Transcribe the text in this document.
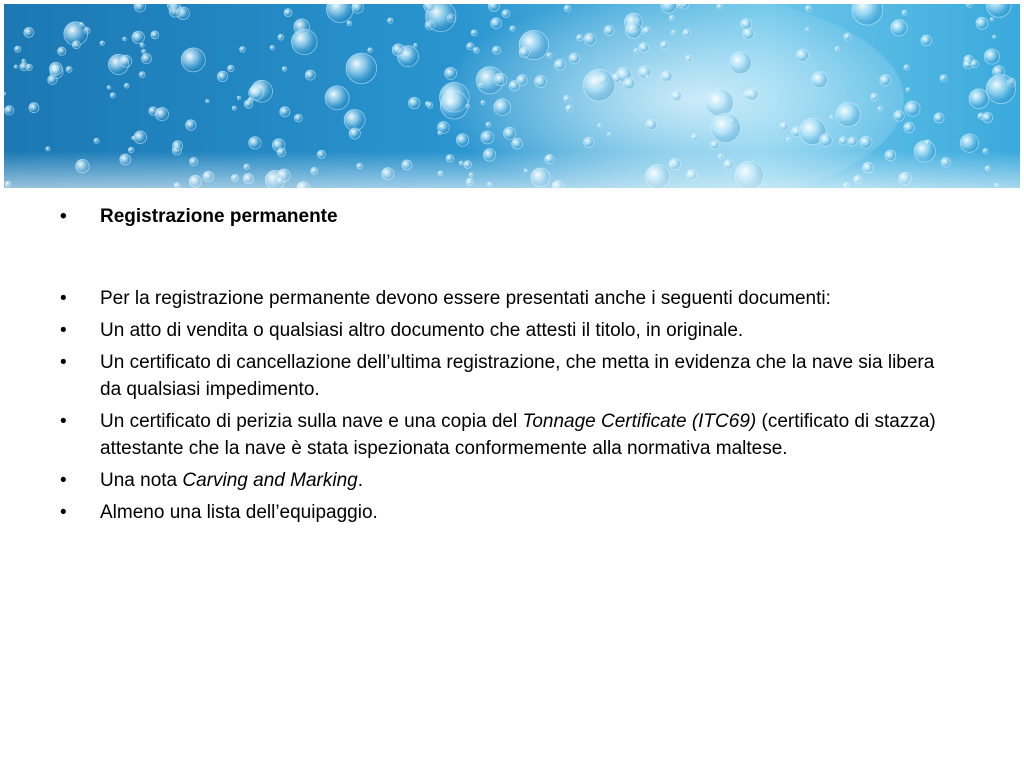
•	Registrazione permanente
•	Per la registrazione permanente devono essere presentati anche i seguenti documenti:
•	Un atto di vendita o qualsiasi altro documento che attesti il titolo, in originale.
•	Un certificato di cancellazione dell’ultima registrazione, che metta in evidenza che la nave sia libera da qualsiasi impedimento.
•	Un certificato di perizia sulla nave e una copia del Tonnage Certificate (ITC69) (certificato di stazza) attestante che la nave è stata ispezionata conformemente alla normativa maltese.
•	Una nota Carving and Marking.
•	Almeno una lista dell’equipaggio.
